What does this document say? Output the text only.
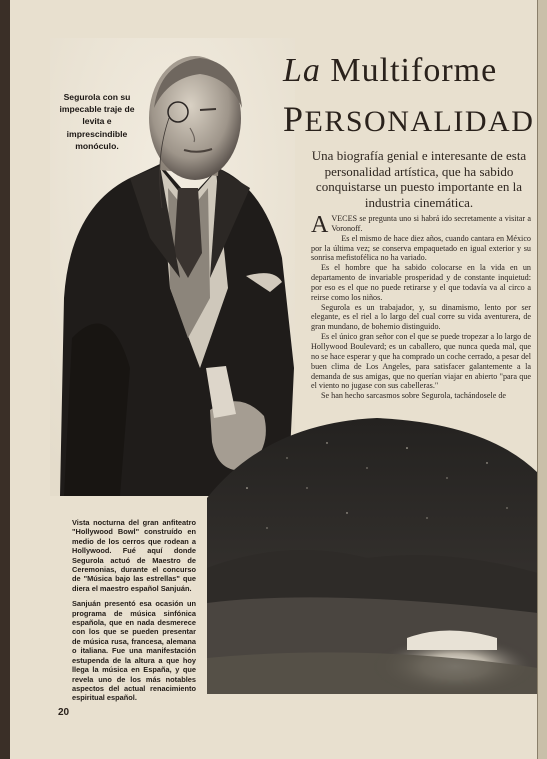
Segurola con su impecable traje de levita e imprescindible monóculo.
La Multiforme
PERSONALIDAD
Una biografía genial e interesante de esta personalidad artística, que ha sabido conquistarse un puesto importante en la industria cinemática.

AVECES se pregunta uno si habrá ido secretamente a visitar a Voronoff.

Es el mismo de hace diez años, cuando cantara en México por la última vez; se conserva empaquetado en igual exterior y su sonrisa mefistofélica no ha variado.

Es el hombre que ha sabido colocarse en la vida en un departamento de invariable prosperidad y de constante inquietud: por eso es el que no puede retirarse y el que todavía va al circo a reirse como los niños.

Segurola es un trabajador, y, su dinamismo, lento por ser elegante, es el riel a lo largo del cual corre su vida aventurera, de gran mundano, de bohemio distinguido.

Es el único gran señor con el que se puede tropezar a lo largo de Hollywood Boulevard; es un caballero, que nunca queda mal, que no se hace esperar y que ha comprado un coche cerrado, a pesar del buen clima de Los Angeles, para satisfacer galantemente a la demanda de sus amigas, que no querían viajar en abierto "para que el viento no jugase con sus cabelleras."

Se han hecho sarcasmos sobre Segurola, tachándosele de

Vista nocturna del gran anfiteatro "Hollywood Bowl" construído en medio de los cerros que rodean a Hollywood. Fué aquí donde Segurola actuó de Maestro de Ceremonias, durante el concurso de "Música bajo las estrellas" que diera el maestro español Sanjuán.

Sanjuán presentó esa ocasión un programa de música sinfónica española, que en nada desmerece con los que se pueden presentar de música rusa, francesa, alemana o italiana. Fue una manifestación estupenda de la altura a que hoy llega la música en España, y que revela uno de los más notables aspectos del actual renacimiento espiritual español.

20
